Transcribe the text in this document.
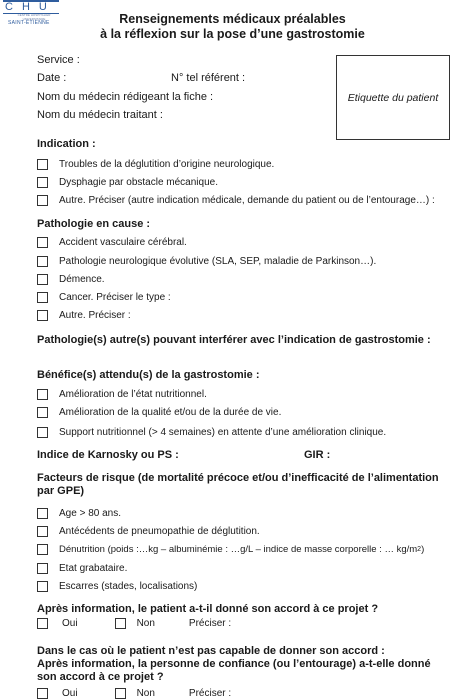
CHU
CENTRE HOSPITALIER UNIVERSITAIRE
SAINT-ÉTIENNE	Renseignements médicaux préalables
à la réflexion sur la pose d’une gastrostomie
Service :
Date :	N° tel référent :
Nom du médecin rédigeant la fiche :
Nom du médecin traitant :
Etiquette du patient
Indication :
Troubles de la déglutition d’origine neurologique.
Dysphagie par obstacle mécanique.
Autre. Préciser (autre indication médicale, demande du patient ou de l’entourage…) :
Pathologie en cause :
Accident vasculaire cérébral.
Pathologie neurologique évolutive (SLA, SEP, maladie de Parkinson…).
Démence.
Cancer. Préciser le type :
Autre. Préciser :
Pathologie(s) autre(s) pouvant interférer avec l’indication de gastrostomie :
Bénéfice(s) attendu(s) de la gastrostomie :
Amélioration de l’état nutritionnel.
Amélioration de la qualité et/ou de la durée de vie.
Support nutritionnel (> 4 semaines) en attente d’une amélioration clinique.
Indice de Karnosky ou PS :	GIR :
Facteurs de risque (de mortalité précoce et/ou d’inefficacité de l’alimentation
par GPE)
Age > 80 ans.
Antécédents de pneumopathie de déglutition.
Dénutrition (poids :…kg – albuminémie : …g/L – indice de masse corporelle : … kg/m 2 )
Etat grabataire.
Escarres (stades, localisations)
Après information, le patient a-t-il donné son accord à ce projet ?
Oui	Non	Préciser :
Dans le cas où le patient n’est pas capable de donner son accord :
Après information, la personne de confiance (ou l’entourage) a-t-elle donné
son accord à ce projet ?
Oui	Non	Préciser :
